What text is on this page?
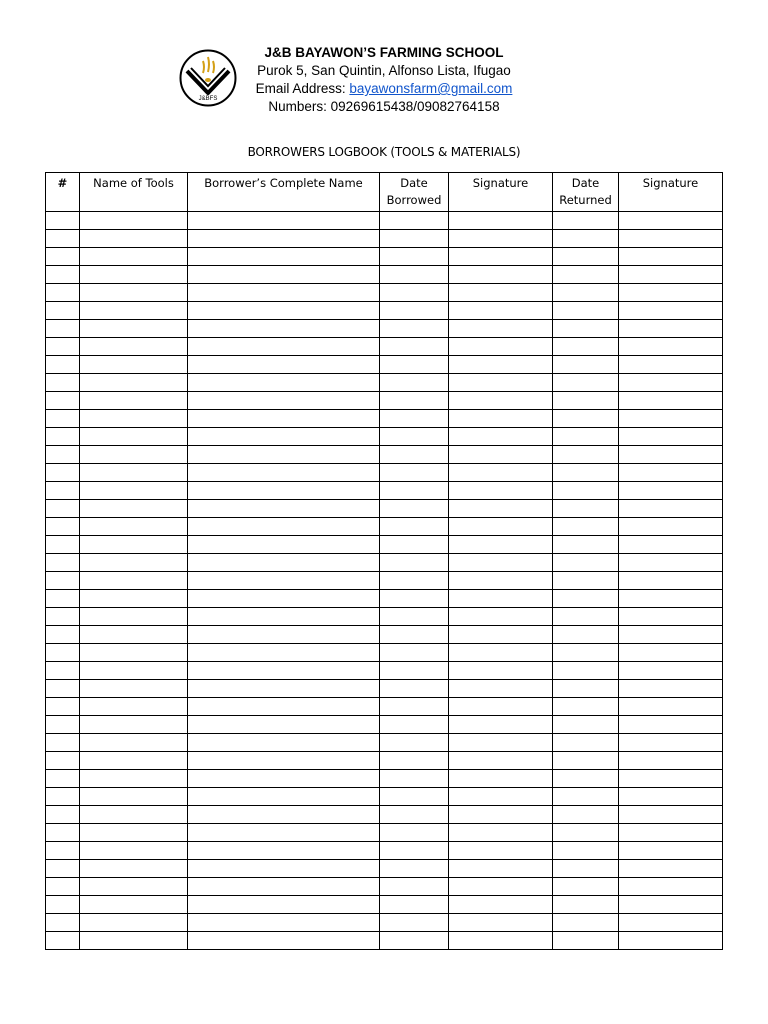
J&BFS
J&B BAYAWON’S FARMING SCHOOL
Purok 5, San Quintin, Alfonso Lista, Ifugao
Email Address: bayawonsfarm@gmail.com
Numbers: 09269615438/09082764158
BORROWERS LOGBOOK (TOOLS & MATERIALS)
#	Name of Tools	Borrower’s Complete Name	Date Borrowed	Signature	Date Returned	Signature
